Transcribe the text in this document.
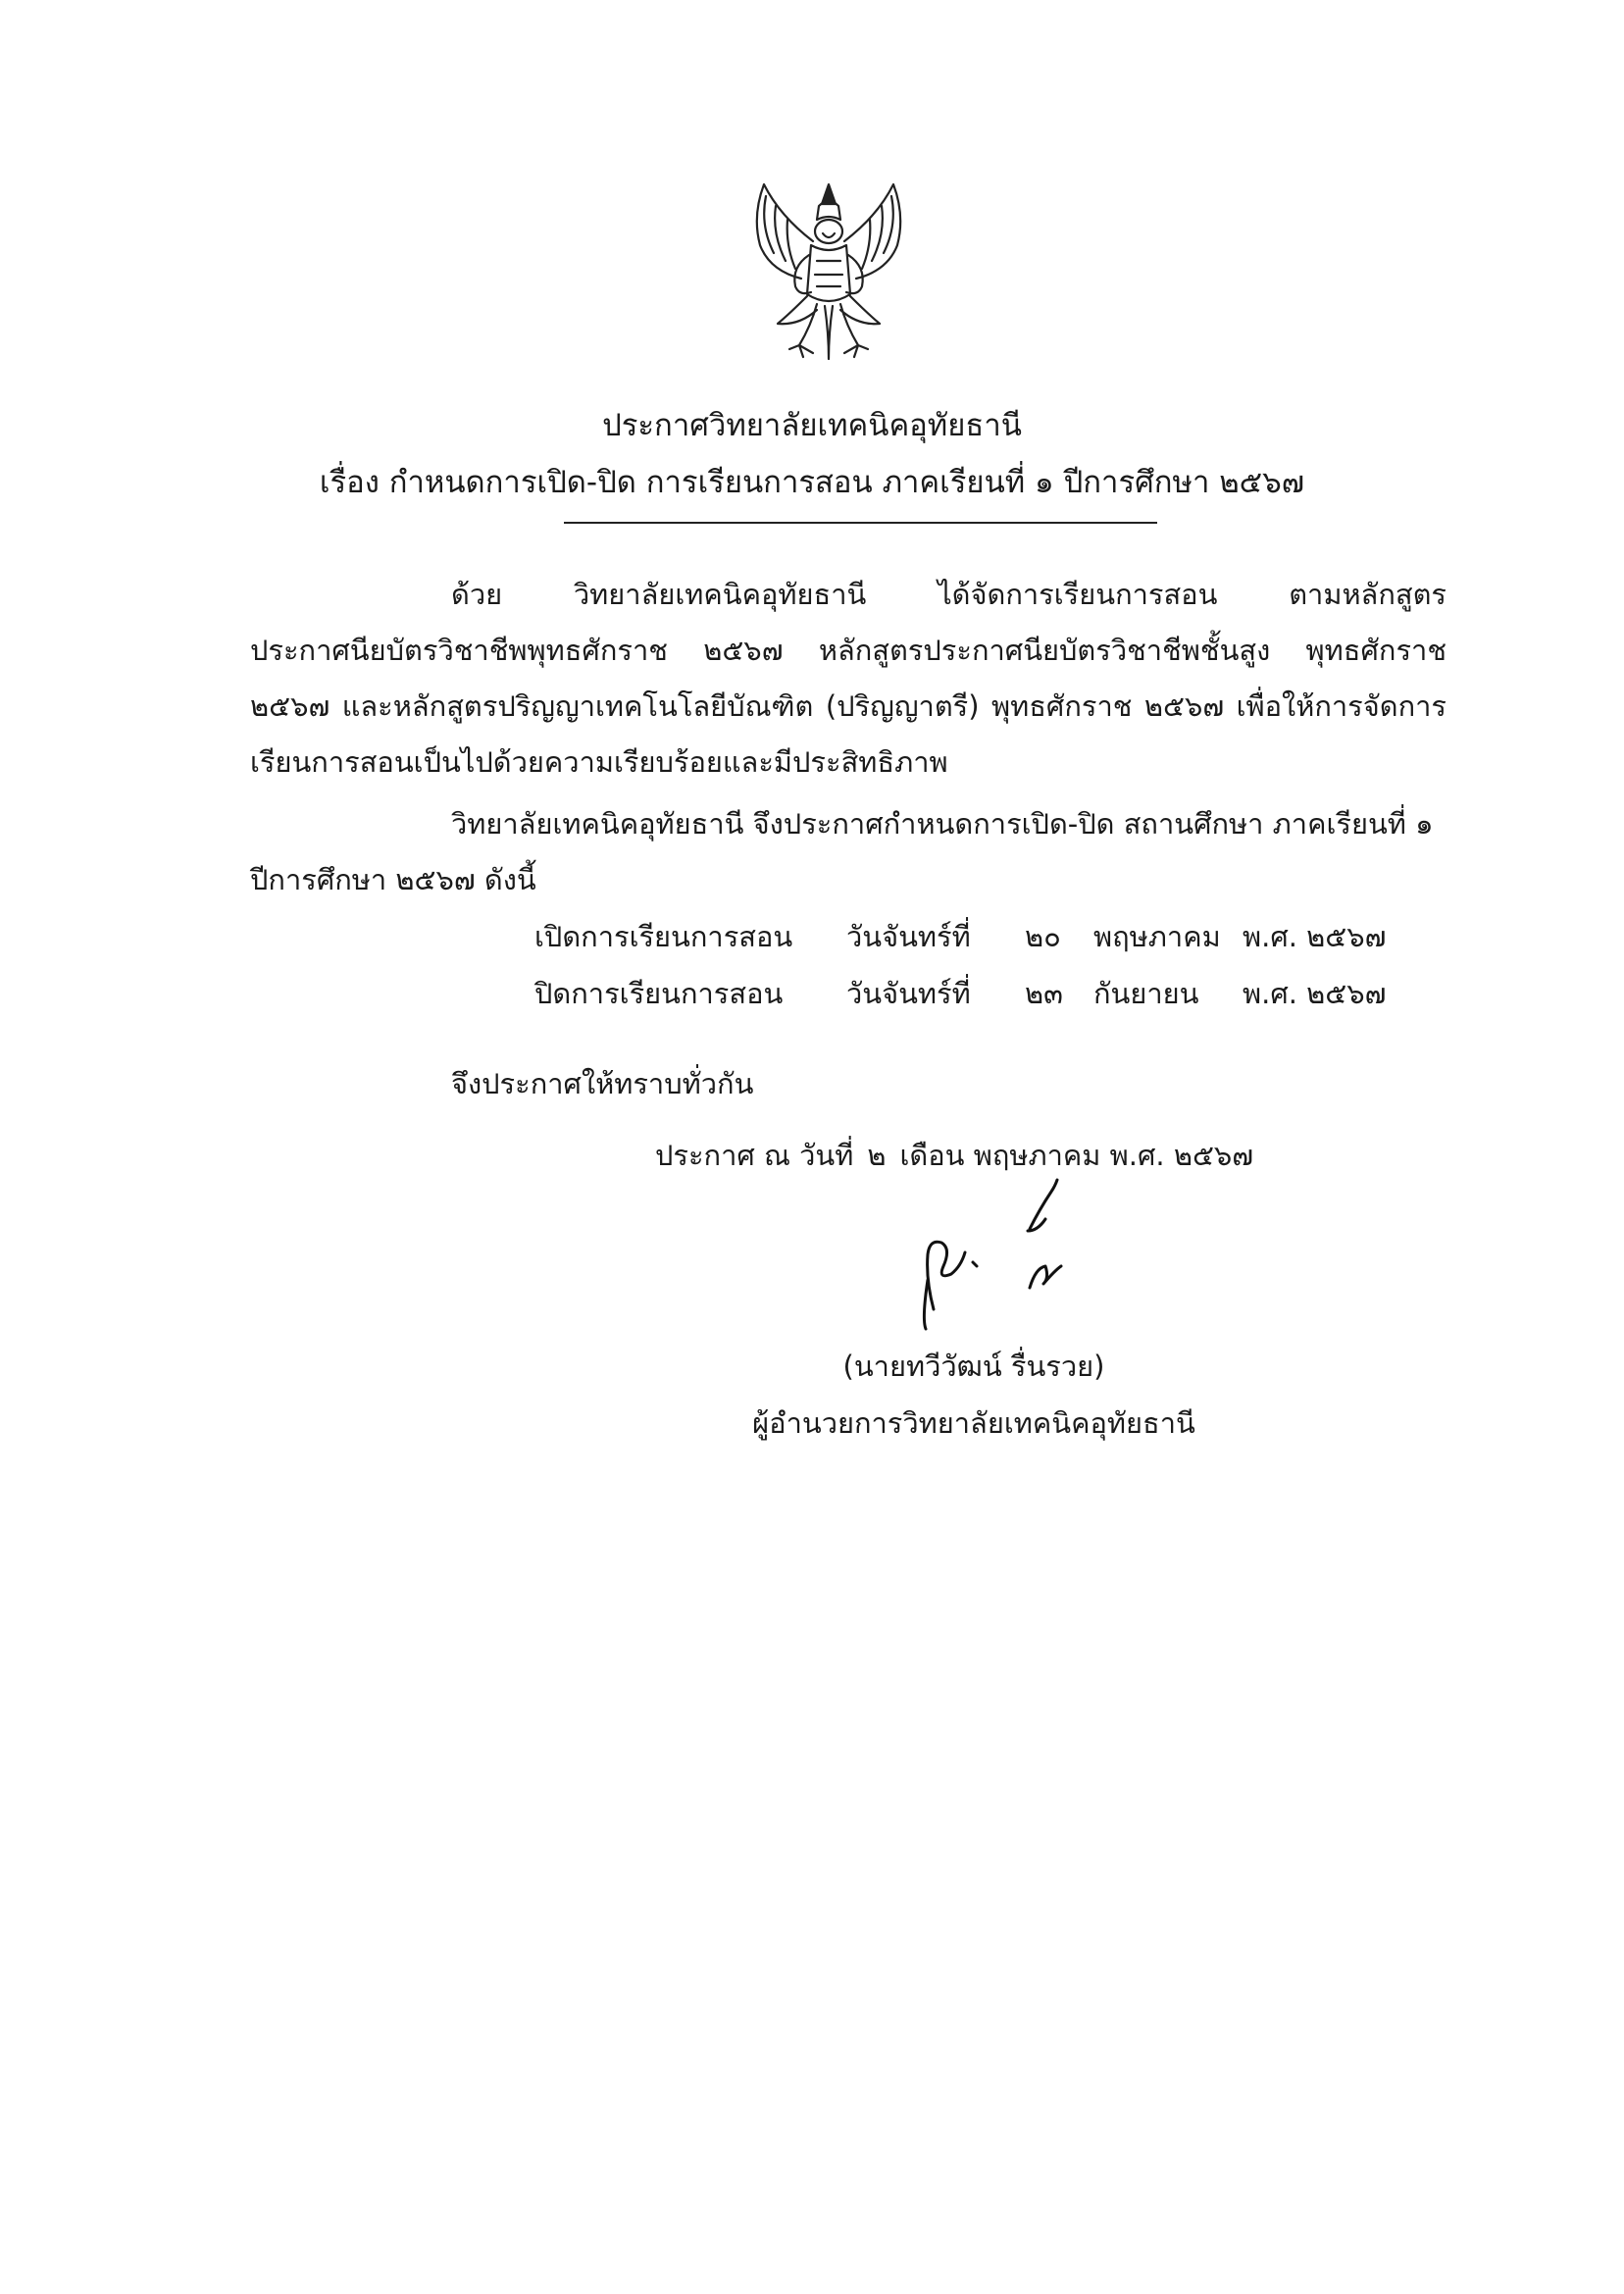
ประกาศวิทยาลัยเทคนิคอุทัยธานี
เรื่อง กำหนดการเปิด-ปิด การเรียนการสอน ภาคเรียนที่ ๑ ปีการศึกษา ๒๕๖๗
ด้วย วิทยาลัยเทคนิคอุทัยธานี ได้จัดการเรียนการสอน ตามหลักสูตรประกาศนียบัตรวิชาชีพพุทธศักราช ๒๕๖๗ หลักสูตรประกาศนียบัตรวิชาชีพชั้นสูง พุทธศักราช ๒๕๖๗ และหลักสูตรปริญญาเทคโนโลยีบัณฑิต (ปริญญาตรี) พุทธศักราช ๒๕๖๗ เพื่อให้การจัดการเรียนการสอนเป็นไปด้วยความเรียบร้อยและมีประสิทธิภาพ
วิทยาลัยเทคนิคอุทัยธานี จึงประกาศกำหนดการเปิด-ปิด สถานศึกษา ภาคเรียนที่ ๑ ปีการศึกษา ๒๕๖๗ ดังนี้
เปิดการเรียนการสอน วันจันทร์ที่ ๒๐ พฤษภาคม พ.ศ. ๒๕๖๗
ปิดการเรียนการสอน วันจันทร์ที่ ๒๓ กันยายน พ.ศ. ๒๕๖๗
จึงประกาศให้ทราบทั่วกัน
ประกาศ ณ วันที่ ๒ เดือน พฤษภาคม พ.ศ. ๒๕๖๗
(นายทวีวัฒน์ รื่นรวย)
ผู้อำนวยการวิทยาลัยเทคนิคอุทัยธานี
